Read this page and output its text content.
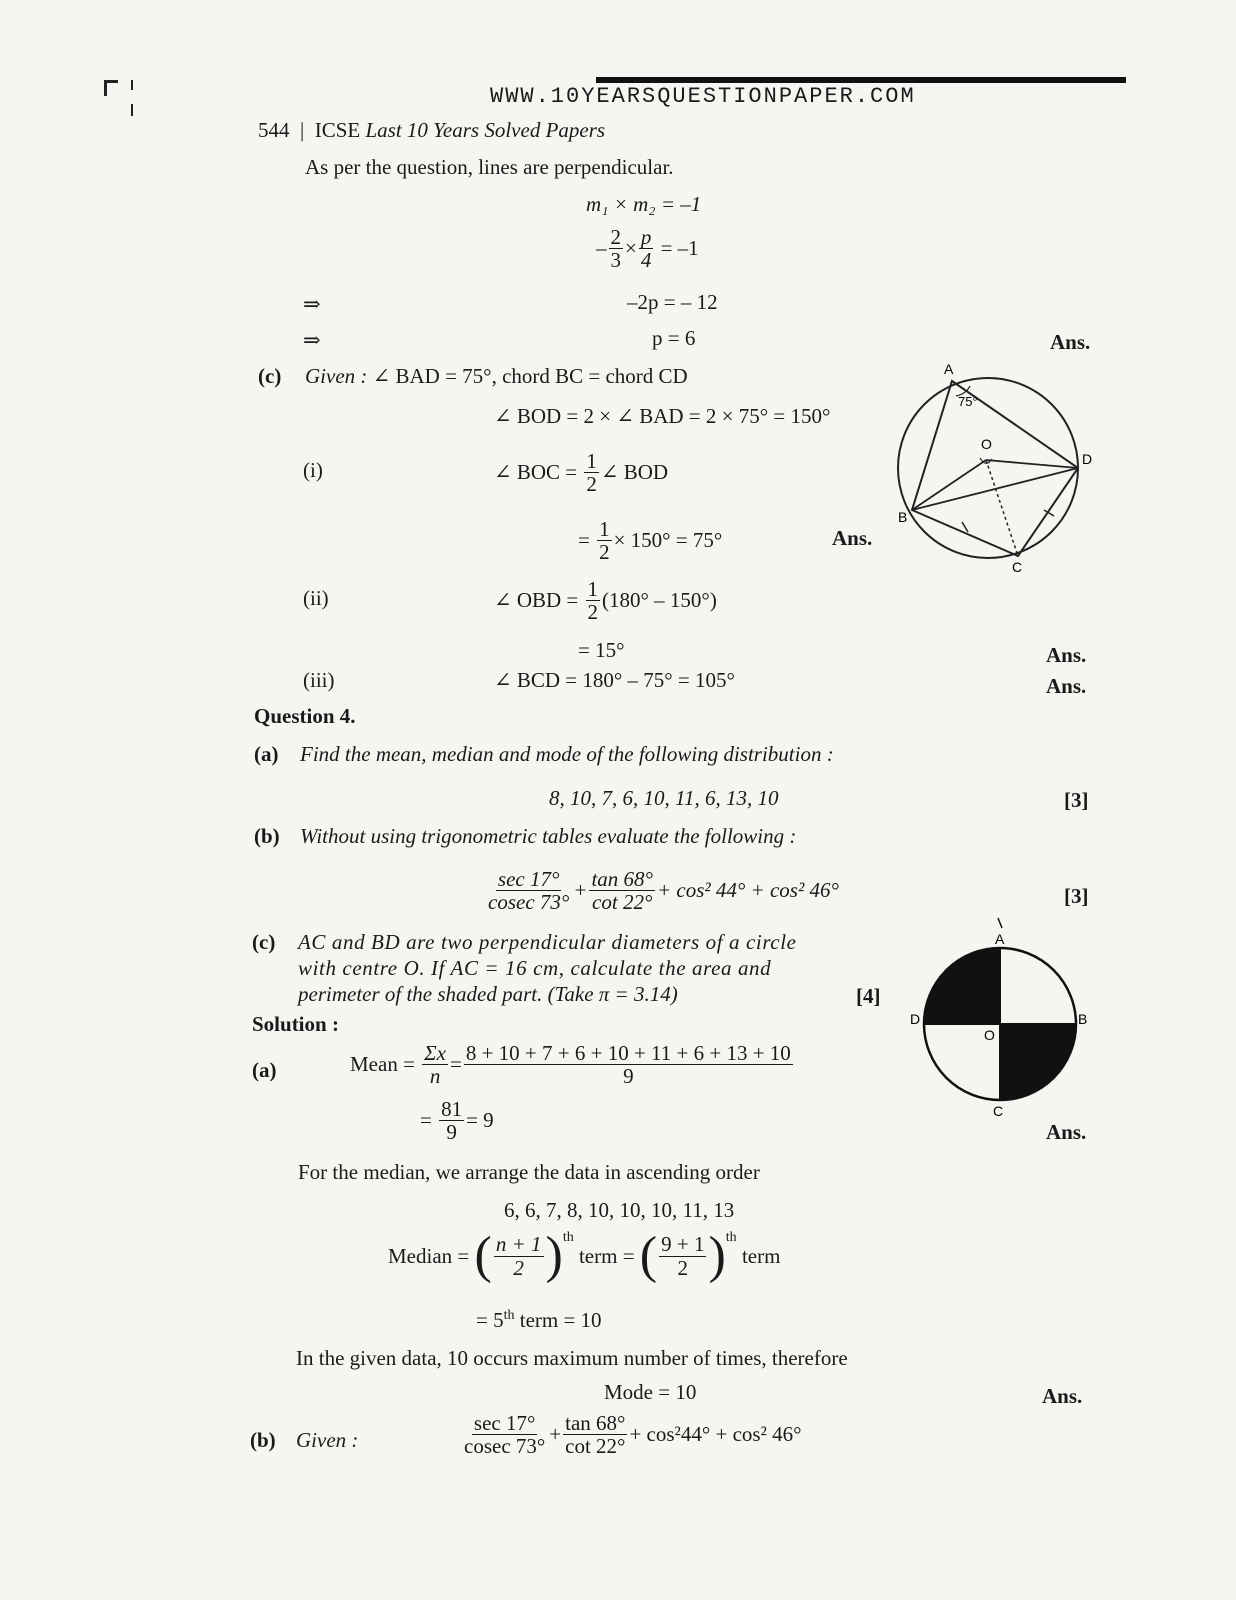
WWW.10YEARSQUESTIONPAPER.COM
544 | ICSE Last 10 Years Solved Papers
As per the question, lines are perpendicular.
m₁ × m₂ = –1
– $\frac{2}{3} \times \frac{p}{4}$
= –1
⇒	–2p = – 12
⇒	p = 6	Ans.
(c) Given : ∠ BAD = 75°, chord BC = chord CD
∠ BOD = 2 × ∠ BAD = 2 × 75° = 150°
(i)	∠ BOC =
$\frac{1}{2}$ ∠ BOD
=
$\frac{1}{2} \times 150^\circ = 75^\circ$	Ans.
(ii)	∠ OBD =
$\frac{1}{2} (180^\circ - 150^\circ)$
= 15°	Ans.
(iii)	∠ BCD = 180° – 75° = 105°	Ans.
A
75°
O
D
B
C
Question 4.
(a) Find the mean, median and mode of the following distribution :
8, 10, 7, 6, 10, 11, 6, 13, 10	[3]
(b) Without using trigonometric tables evaluate the following :
$\frac{\sec 17^\circ}{cosec 73^\circ} + \frac{\tan 68^\circ}{\cot 22^\circ} + \cos^2$ 44° + cos² 46°	[3]
(c) AC and BD are two perpendicular diameters of a circle
with centre O. If AC = 16 cm, calculate the area and
perimeter of the shaded part. (Take π = 3.14)	[4]
A
D	B
O
C
Solution :
(a)	Mean =
$\frac{\Sigma x}{n} = \frac{8 + 10 + 7 + 6 + 10 + 11 + 6 + 13 + 10}{9}$
=
$\frac{81}{9} = 9$	Ans.
For the median, we arrange the data in ascending order
6, 6, 7, 8, 10, 10, 10, 11, 13
Median =
( $\frac{n + 1}{2} )^{th}$

term =
( $\frac{9 + 1}{2} )^{th}$

term
= 5th term = 10
In the given data, 10 occurs maximum number of times, therefore
Mode = 10	Ans.
(b) Given :	$\frac{\sec 17^\circ}{cosec 73^\circ} + \frac{\tan 68^\circ}{\cot 22^\circ} + \cos^244^\circ + \cos^2$ 46°
